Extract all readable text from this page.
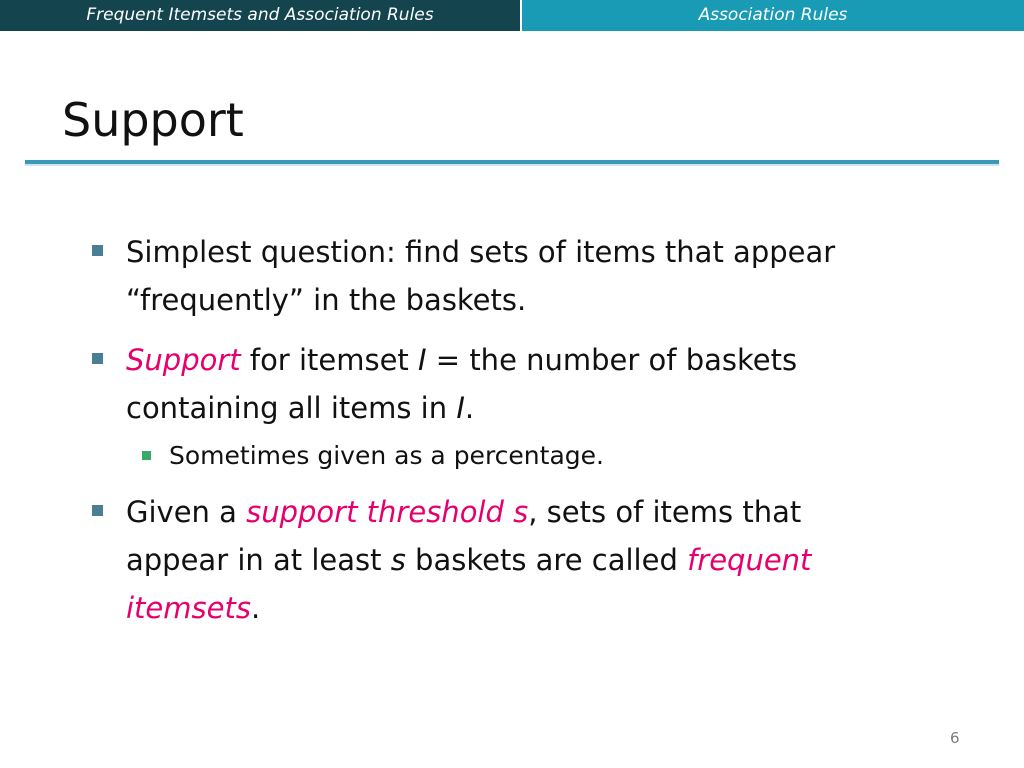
Frequent Itemsets and Association Rules	Association Rules
Support
Simplest question: find sets of items that appear “frequently” in the baskets.
Support for itemset I = the number of baskets containing all items in I.
Sometimes given as a percentage.
Given a support threshold s, sets of items that appear in at least s baskets are called frequent itemsets.
6
